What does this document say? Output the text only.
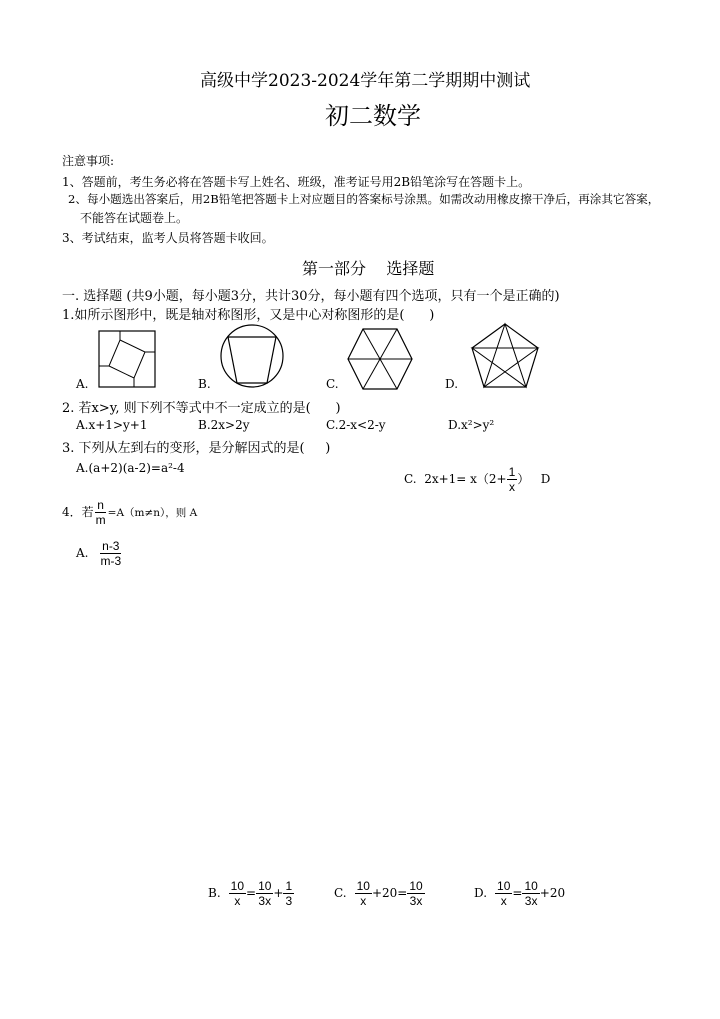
高级中学2023-2024学年第二学期期中测试
初二数学
注意事项:
1、答题前，考生务必将在答题卡写上姓名、班级，准考证号用2B铅笔涂写在答题卡上。
2、每小题选出答案后，用2B铅笔把答题卡上对应题目的答案标号涂黑。如需改动用橡皮擦干净后，再涂其它答案，
不能答在试题卷上。
3、考试结束，监考人员将答题卡收回。
第一部分    选择题
一. 选择题 (共9小题，每小题3分，共计30分，每小题有四个选项，只有一个是正确的)
1.如所示图形中，既是轴对称图形，又是中心对称图形的是(      )
A.	B.	C.	D.
2. 若x>y, 则下列不等式中不一定成立的是(      )
A.x+1>y+1	B.2x>2y	C.2-x<2-y	D.x²>y²
3. 下列从左到右的变形，是分解因式的是(     )
A.(a+2)(a-2)=a²-4
C.  $2x+1= x(2+ \frac{1}{x}$ ）   D
4．若 $\frac{n}{m} =A(m\ne n)$，则 A
A. $\frac{n-3}{m-3}$
B. $\frac{10}{x} = \frac{10}{3x} + \frac{1}{3}$	C. $\frac{10}{x} +20= \frac{10}{3x}$	D. $\frac{10}{x} = \frac{10}{3x} +20$
